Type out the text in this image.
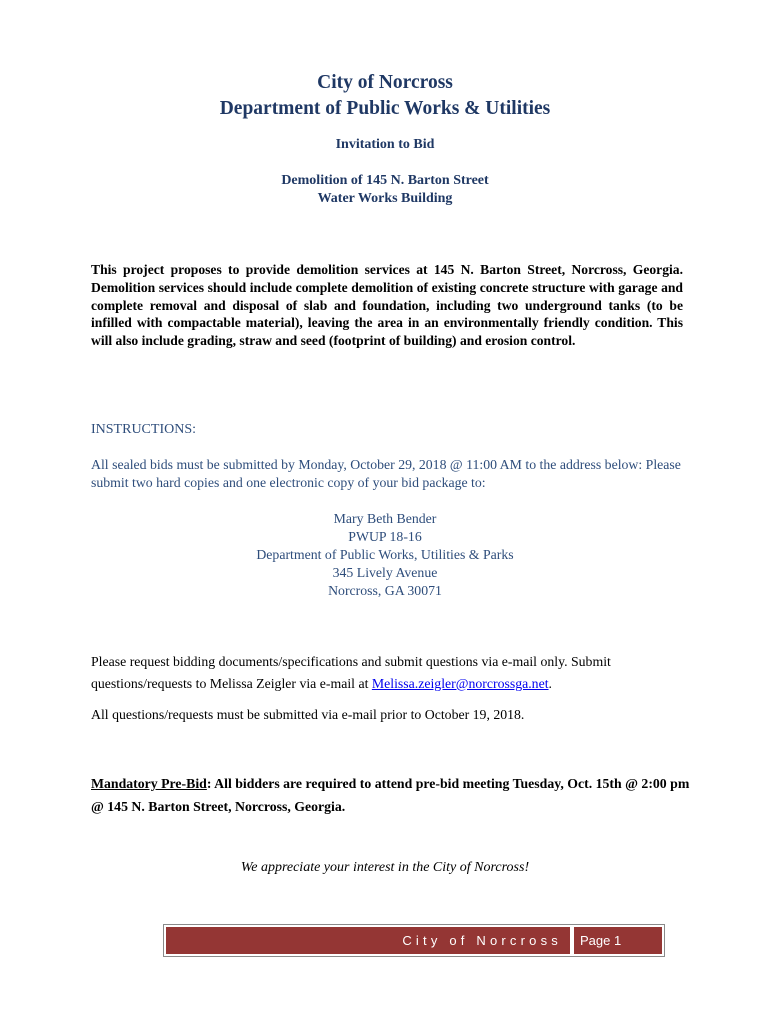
City of Norcross
Department of Public Works & Utilities
Invitation to Bid
Demolition of 145 N. Barton Street
Water Works Building
This project proposes to provide demolition services at 145 N. Barton Street, Norcross, Georgia. Demolition services should include complete demolition of existing concrete structure with garage and complete removal and disposal of slab and foundation, including two underground tanks (to be infilled with compactable material), leaving the area in an environmentally friendly condition. This will also include grading, straw and seed (footprint of building) and erosion control.
INSTRUCTIONS:
All sealed bids must be submitted by Monday, October 29, 2018 @ 11:00 AM to the address below: Please submit two hard copies and one electronic copy of your bid package to:
Mary Beth Bender
PWUP 18-16
Department of Public Works, Utilities & Parks
345 Lively Avenue
Norcross, GA 30071
Please request bidding documents/specifications and submit questions via e-mail only. Submit questions/requests to Melissa Zeigler via e-mail at Melissa.zeigler@norcrossga.net.
All questions/requests must be submitted via e-mail prior to October 19, 2018.
Mandatory Pre-Bid: All bidders are required to attend pre-bid meeting Tuesday, Oct. 15th @ 2:00 pm @ 145 N. Barton Street, Norcross, Georgia.
We appreciate your interest in the City of Norcross!
City of Norcross	Page 1
